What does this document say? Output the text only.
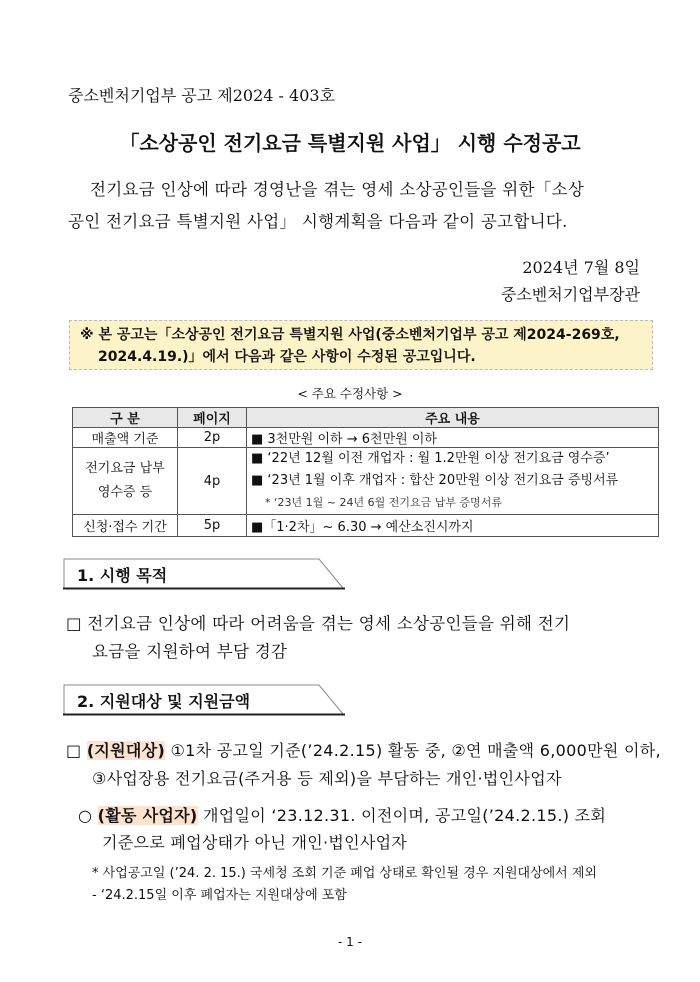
중소벤처기업부 공고 제2024 - 403호
「소상공인 전기요금 특별지원 사업」 시행 수정공고
전기요금 인상에 따라 경영난을 겪는 영세 소상공인들을 위한「소상
공인 전기요금 특별지원 사업」 시행계획을 다음과 같이 공고합니다.
2024년 7월 8일
중소벤처기업부장관
※ 본 공고는「소상공인 전기요금 특별지원 사업(중소벤처기업부 공고 제2024-269호,
2024.4.19.)」에서 다음과 같은 사항이 수정된 공고입니다.
< 주요 수정사항 >
구 분	페이지	주요 내용
매출액 기준	2p	■ 3천만원 이하 → 6천만원 이하
전기요금 납부 영수증 등	4p	■ ‘22년 12월 이전 개업자 : 월 1.2만원 이상 전기요금 영수증’
■ ‘23년 1월 이후 개업자 : 합산 20만원 이상 전기요금 증빙서류
* ‘23년 1월 ~ 24년 6월 전기요금 납부 증명서류

신청·접수 기간	5p	■「1·2차」~ 6.30 → 예산소진시까지
1. 시행 목적
□ 전기요금 인상에 따라 어려움을 겪는 영세 소상공인들을 위해 전기
요금을 지원하여 부담 경감
2. 지원대상 및 지원금액
□ (지원대상) ①1차 공고일 기준(’24.2.15) 활동 중, ②연 매출액 6,000만원 이하,
③사업장용 전기요금(주거용 등 제외)을 부담하는 개인·법인사업자
○ (활동 사업자) 개업일이 ‘23.12.31. 이전이며, 공고일(’24.2.15.) 조회
기준으로 폐업상태가 아닌 개인·법인사업자
* 사업공고일 (’24. 2. 15.) 국세청 조회 기준 폐업 상태로 확인될 경우 지원대상에서 제외
- ‘24.2.15일 이후 폐업자는 지원대상에 포함
- 1 -
